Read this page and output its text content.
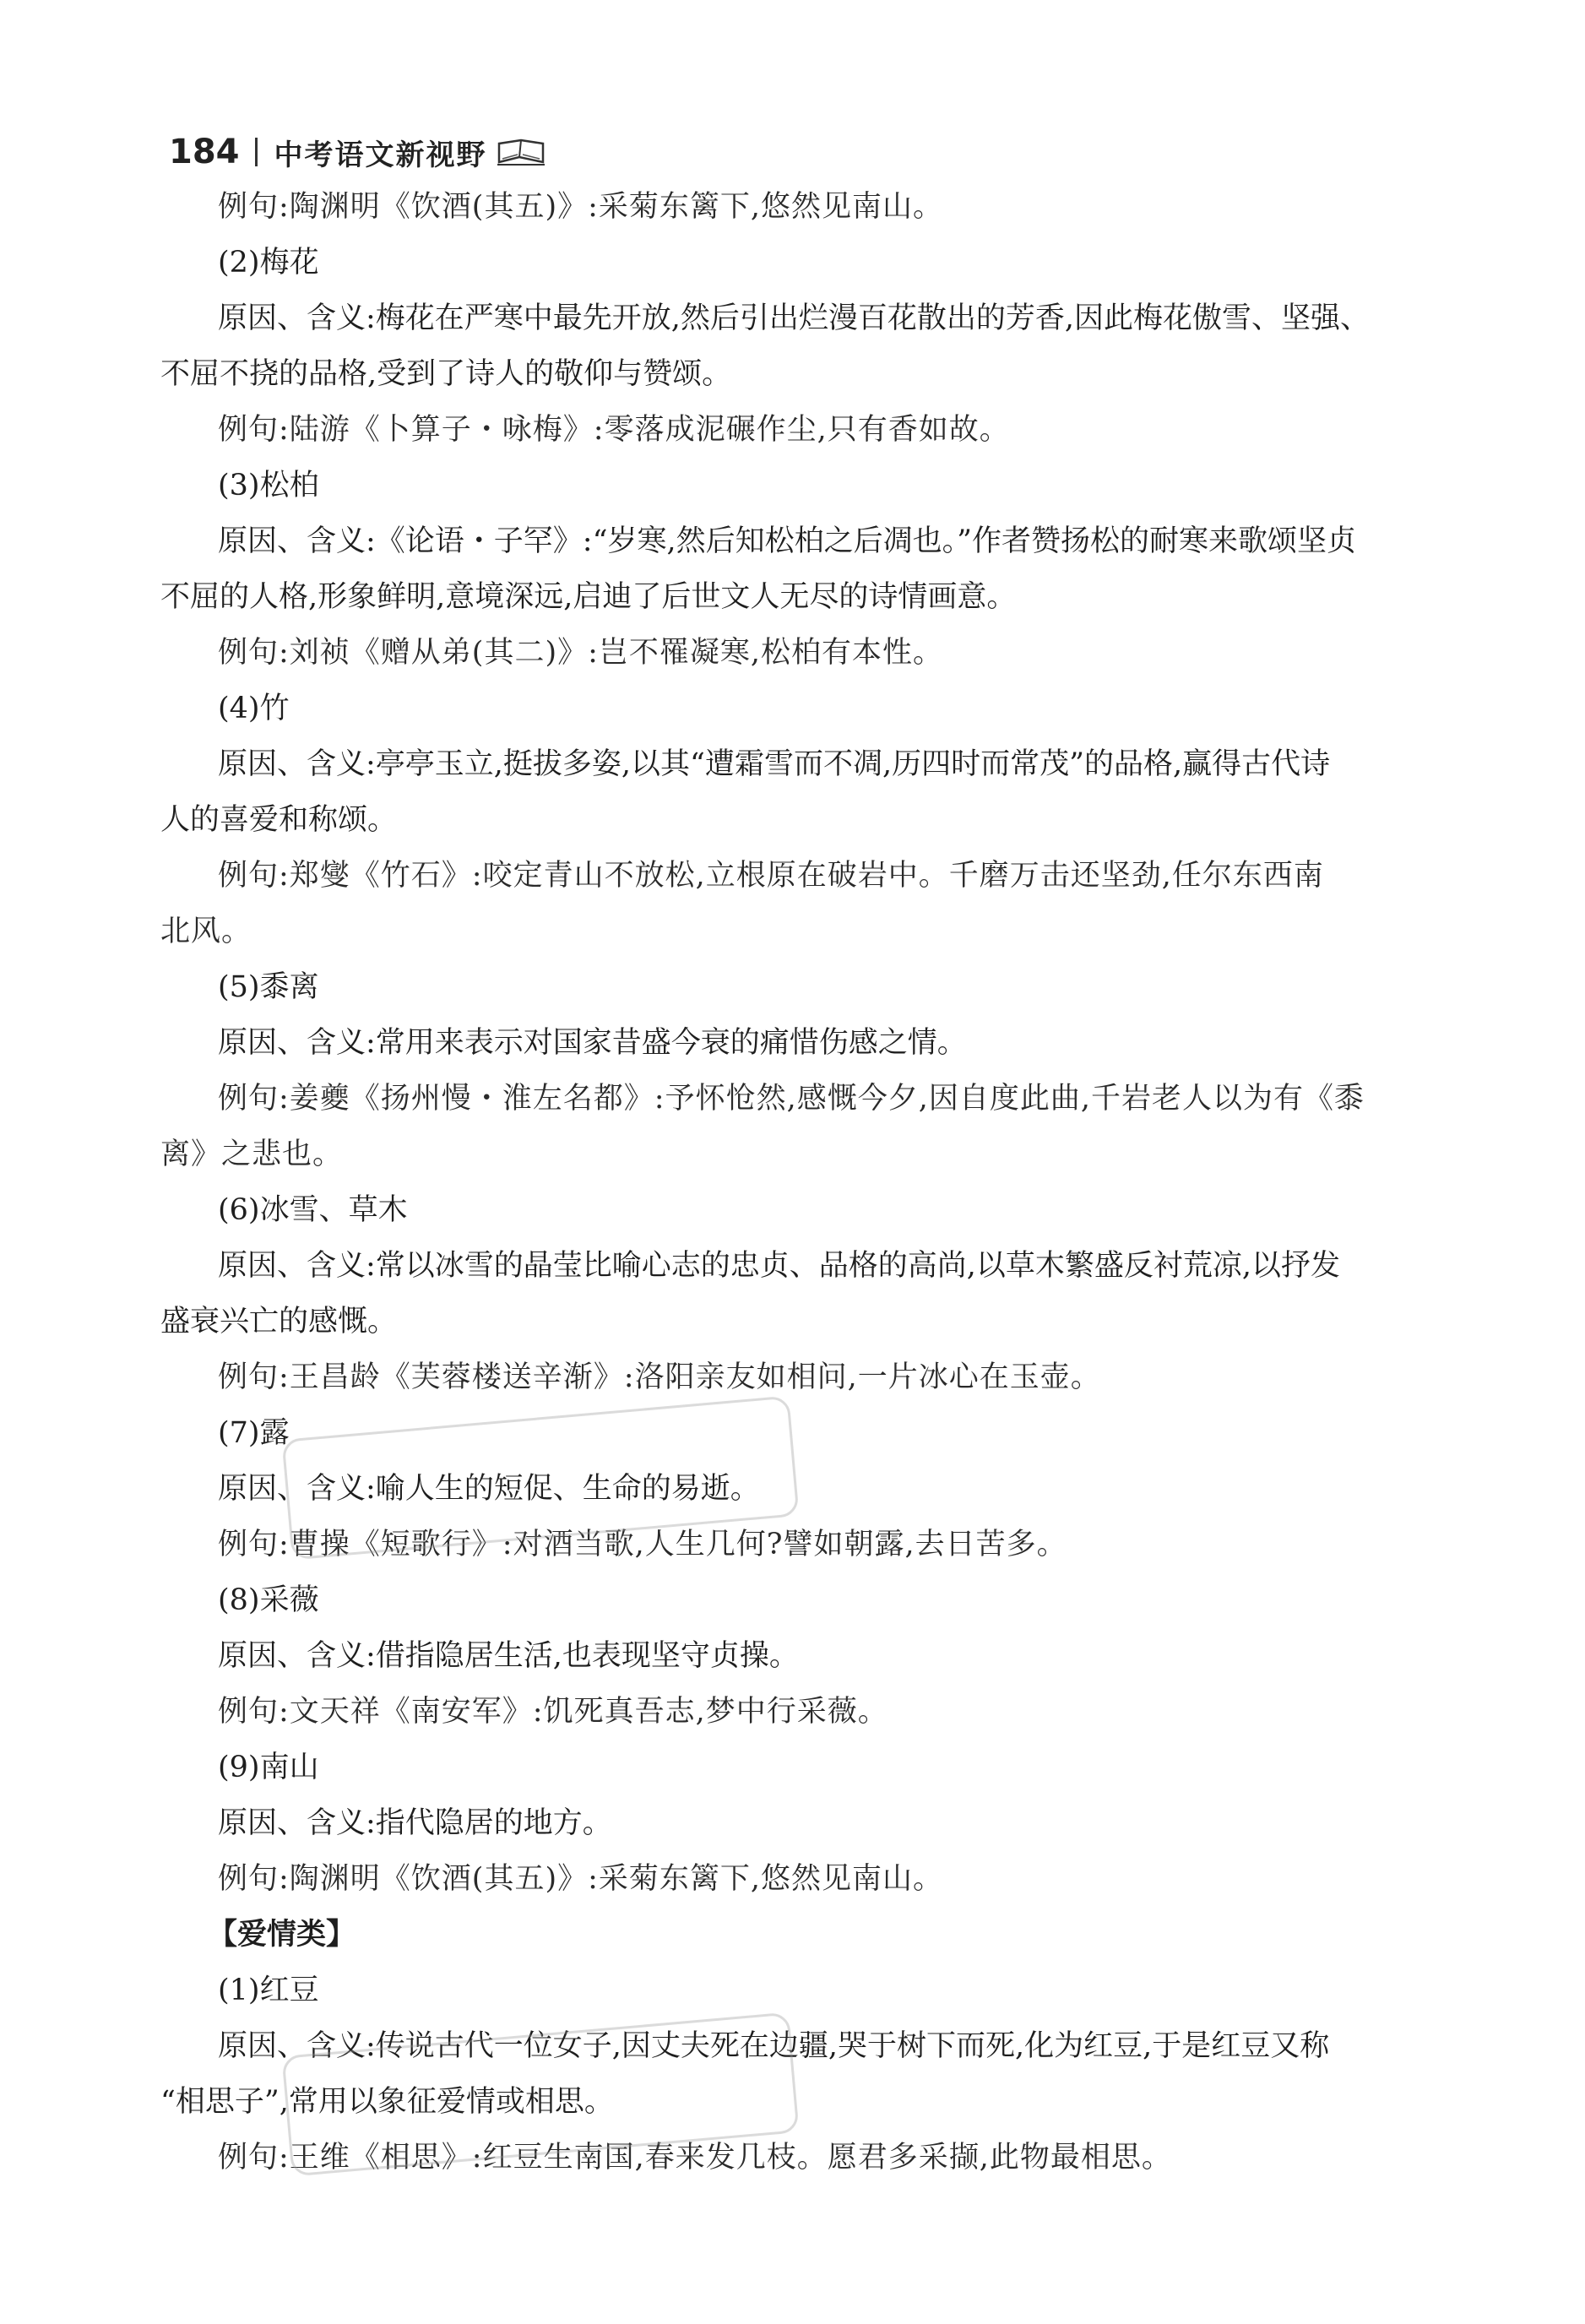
184 中考语文新视野
例句:陶渊明《饮酒(其五)》:采菊东篱下,悠然见南山。
(2)梅花
原因、含义:梅花在严寒中最先开放,然后引出烂漫百花散出的芳香,因此梅花傲雪、坚强、
不屈不挠的品格,受到了诗人的敬仰与赞颂。
例句:陆游《卜算子・咏梅》:零落成泥碾作尘,只有香如故。
(3)松柏
原因、含义:《论语・子罕》:“岁寒,然后知松柏之后凋也。”作者赞扬松的耐寒来歌颂坚贞
不屈的人格,形象鲜明,意境深远,启迪了后世文人无尽的诗情画意。
例句:刘祯《赠从弟(其二)》:岂不罹凝寒,松柏有本性。
(4)竹
原因、含义:亭亭玉立,挺拔多姿,以其“遭霜雪而不凋,历四时而常茂”的品格,赢得古代诗
人的喜爱和称颂。
例句:郑燮《竹石》:咬定青山不放松,立根原在破岩中。千磨万击还坚劲,任尔东西南
北风。
(5)黍离
原因、含义:常用来表示对国家昔盛今衰的痛惜伤感之情。
例句:姜夔《扬州慢・淮左名都》:予怀怆然,感慨今夕,因自度此曲,千岩老人以为有《黍
离》之悲也。
(6)冰雪、草木
原因、含义:常以冰雪的晶莹比喻心志的忠贞、品格的高尚,以草木繁盛反衬荒凉,以抒发
盛衰兴亡的感慨。
例句:王昌龄《芙蓉楼送辛渐》:洛阳亲友如相问,一片冰心在玉壶。
(7)露
原因、含义:喻人生的短促、生命的易逝。
例句:曹操《短歌行》:对酒当歌,人生几何?譬如朝露,去日苦多。
(8)采薇
原因、含义:借指隐居生活,也表现坚守贞操。
例句:文天祥《南安军》:饥死真吾志,梦中行采薇。
(9)南山
原因、含义:指代隐居的地方。
例句:陶渊明《饮酒(其五)》:采菊东篱下,悠然见南山。
【爱情类】
(1)红豆
原因、含义:传说古代一位女子,因丈夫死在边疆,哭于树下而死,化为红豆,于是红豆又称
“相思子”,常用以象征爱情或相思。
例句:王维《相思》:红豆生南国,春来发几枝。愿君多采撷,此物最相思。
